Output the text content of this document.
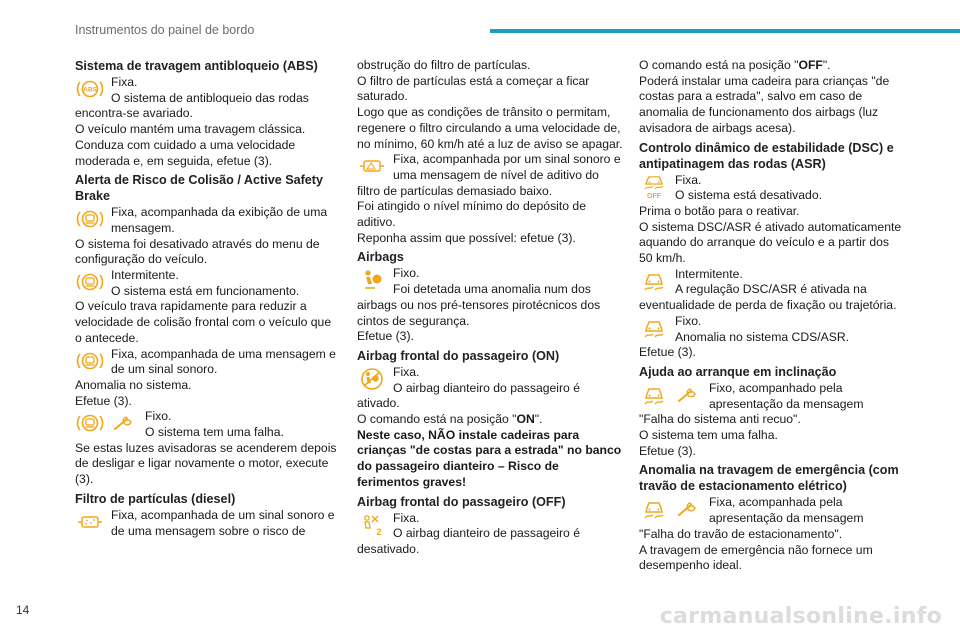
Instrumentos do painel de bordo
Sistema de travagem antibloqueio (ABS)
Fixa.
O sistema de antibloqueio das rodas

encontra-se avariado.
O veículo mantém uma travagem clássica.
Conduza com cuidado a uma velocidade moderada e, em seguida, efetue (3).

Alerta de Risco de Colisão / Active Safety Brake
Fixa, acompanhada da exibição de uma mensagem.

O sistema foi desativado através do menu de configuração do veículo.

Intermitente.
O sistema está em funcionamento.

O veículo trava rapidamente para reduzir a velocidade de colisão frontal com o veículo que o antecede.

Fixa, acompanhada de uma mensagem e de um sinal sonoro.

Anomalia no sistema.
Efetue (3).

Fixo.
O sistema tem uma falha.

Se estas luzes avisadoras se acenderem depois de desligar e ligar novamente o motor, execute (3).

Filtro de partículas (diesel)
Fixa, acompanhada de um sinal sonoro e de uma mensagem sobre o risco de

obstrução do filtro de partículas.
O filtro de partículas está a começar a ficar saturado.
Logo que as condições de trânsito o permitam, regenere o filtro circulando a uma velocidade de, no mínimo, 60 km/h até a luz de aviso se apagar.

Fixa, acompanhada por um sinal sonoro e uma mensagem de nível de aditivo do

filtro de partículas demasiado baixo.
Foi atingido o nível mínimo do depósito de aditivo.
Reponha assim que possível: efetue (3).

Airbags
Fixo.
Foi detetada uma anomalia num dos

airbags ou nos pré-tensores pirotécnicos dos cintos de segurança.
Efetue (3).

Airbag frontal do passageiro (ON)
Fixa.
O airbag dianteiro do passageiro é

ativado.

O comando está na posição "ON".

Neste caso, NÃO instale cadeiras para crianças "de costas para a estrada" no banco do passageiro dianteiro – Risco de ferimentos graves!

Airbag frontal do passageiro (OFF)
Fixa.
O airbag dianteiro de passageiro é

desativado.

O comando está na posição "OFF".

Poderá instalar uma cadeira para crianças "de costas para a estrada", salvo em caso de anomalia de funcionamento dos airbags (luz avisadora de airbags acesa).

Controlo dinâmico de estabilidade (DSC) e antipatinagem das rodas (ASR)
OFF
Fixa.
O sistema está desativado.

Prima o botão para o reativar.
O sistema DSC/ASR é ativado automaticamente aquando do arranque do veículo e a partir dos 50 km/h.

Intermitente.
A regulação DSC/ASR é ativada na

eventualidade de perda de fixação ou trajetória.

Fixo.
Anomalia no sistema CDS/ASR.

Efetue (3).

Ajuda ao arranque em inclinação
Fixo, acompanhado pela apresentação da mensagem

"Falha do sistema anti recuo".
O sistema tem uma falha.
Efetue (3).

Anomalia na travagem de emergência (com travão de estacionamento elétrico)
Fixa, acompanhada pela apresentação da mensagem

"Falha do travão de estacionamento".
A travagem de emergência não fornece um desempenho ideal.

14	carmanualsonline.info
